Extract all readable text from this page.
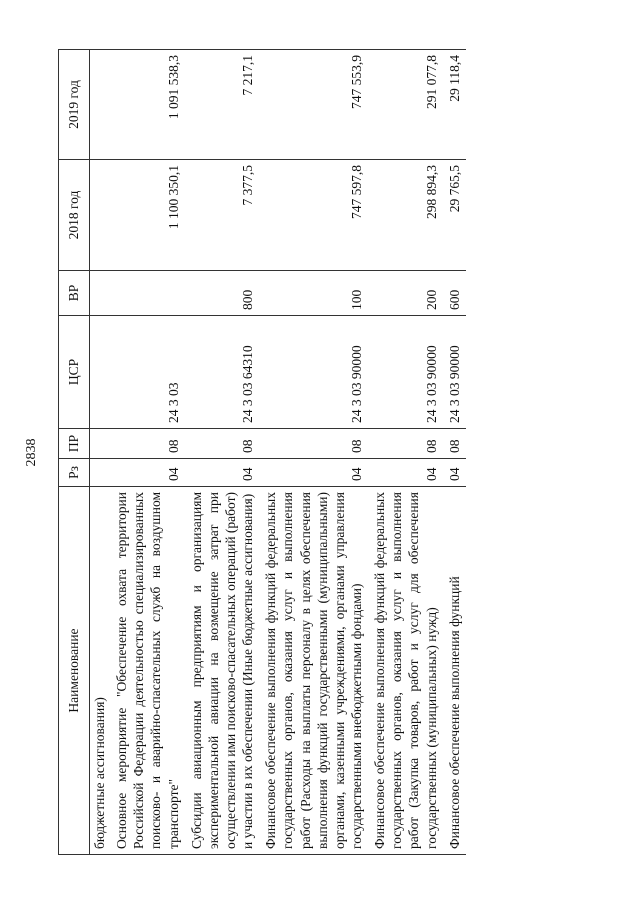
2838
Наименование	Рз	ПР	ЦСР	ВР	2018 год	2019 год
бюджетные ассигнования)						
Основное мероприятие "Обеспечение охвата территории Российской Федерации деятельностью специализированных поисково- и аварийно-спасательных служб на воздушном транспорте"	04	08	24 3 03		1 100 350,1	1 091 538,3
Субсидии авиационным предприятиям и организациям экспериментальной авиации на возмещение затрат при осуществлении ими поисково-спасательных операций (работ) и участии в их обеспечении (Иные бюджетные ассигнования)	04	08	24 3 03 64310	800	7 377,5	7 217,1
Финансовое обеспечение выполнения функций федеральных государственных органов, оказания услуг и выполнения работ (Расходы на выплаты персоналу в целях обеспечения выполнения функций государственными (муниципальными) органами, казенными учреждениями, органами управления государственными внебюджетными фондами)	04	08	24 3 03 90000	100	747 597,8	747 553,9
Финансовое обеспечение выполнения функций федеральных государственных органов, оказания услуг и выполнения работ (Закупка товаров, работ и услуг для обеспечения государственных (муниципальных) нужд)	04	08	24 3 03 90000	200	298 894,3	291 077,8
Финансовое обеспечение выполнения функций	04	08	24 3 03 90000	600	29 765,5	29 118,4
